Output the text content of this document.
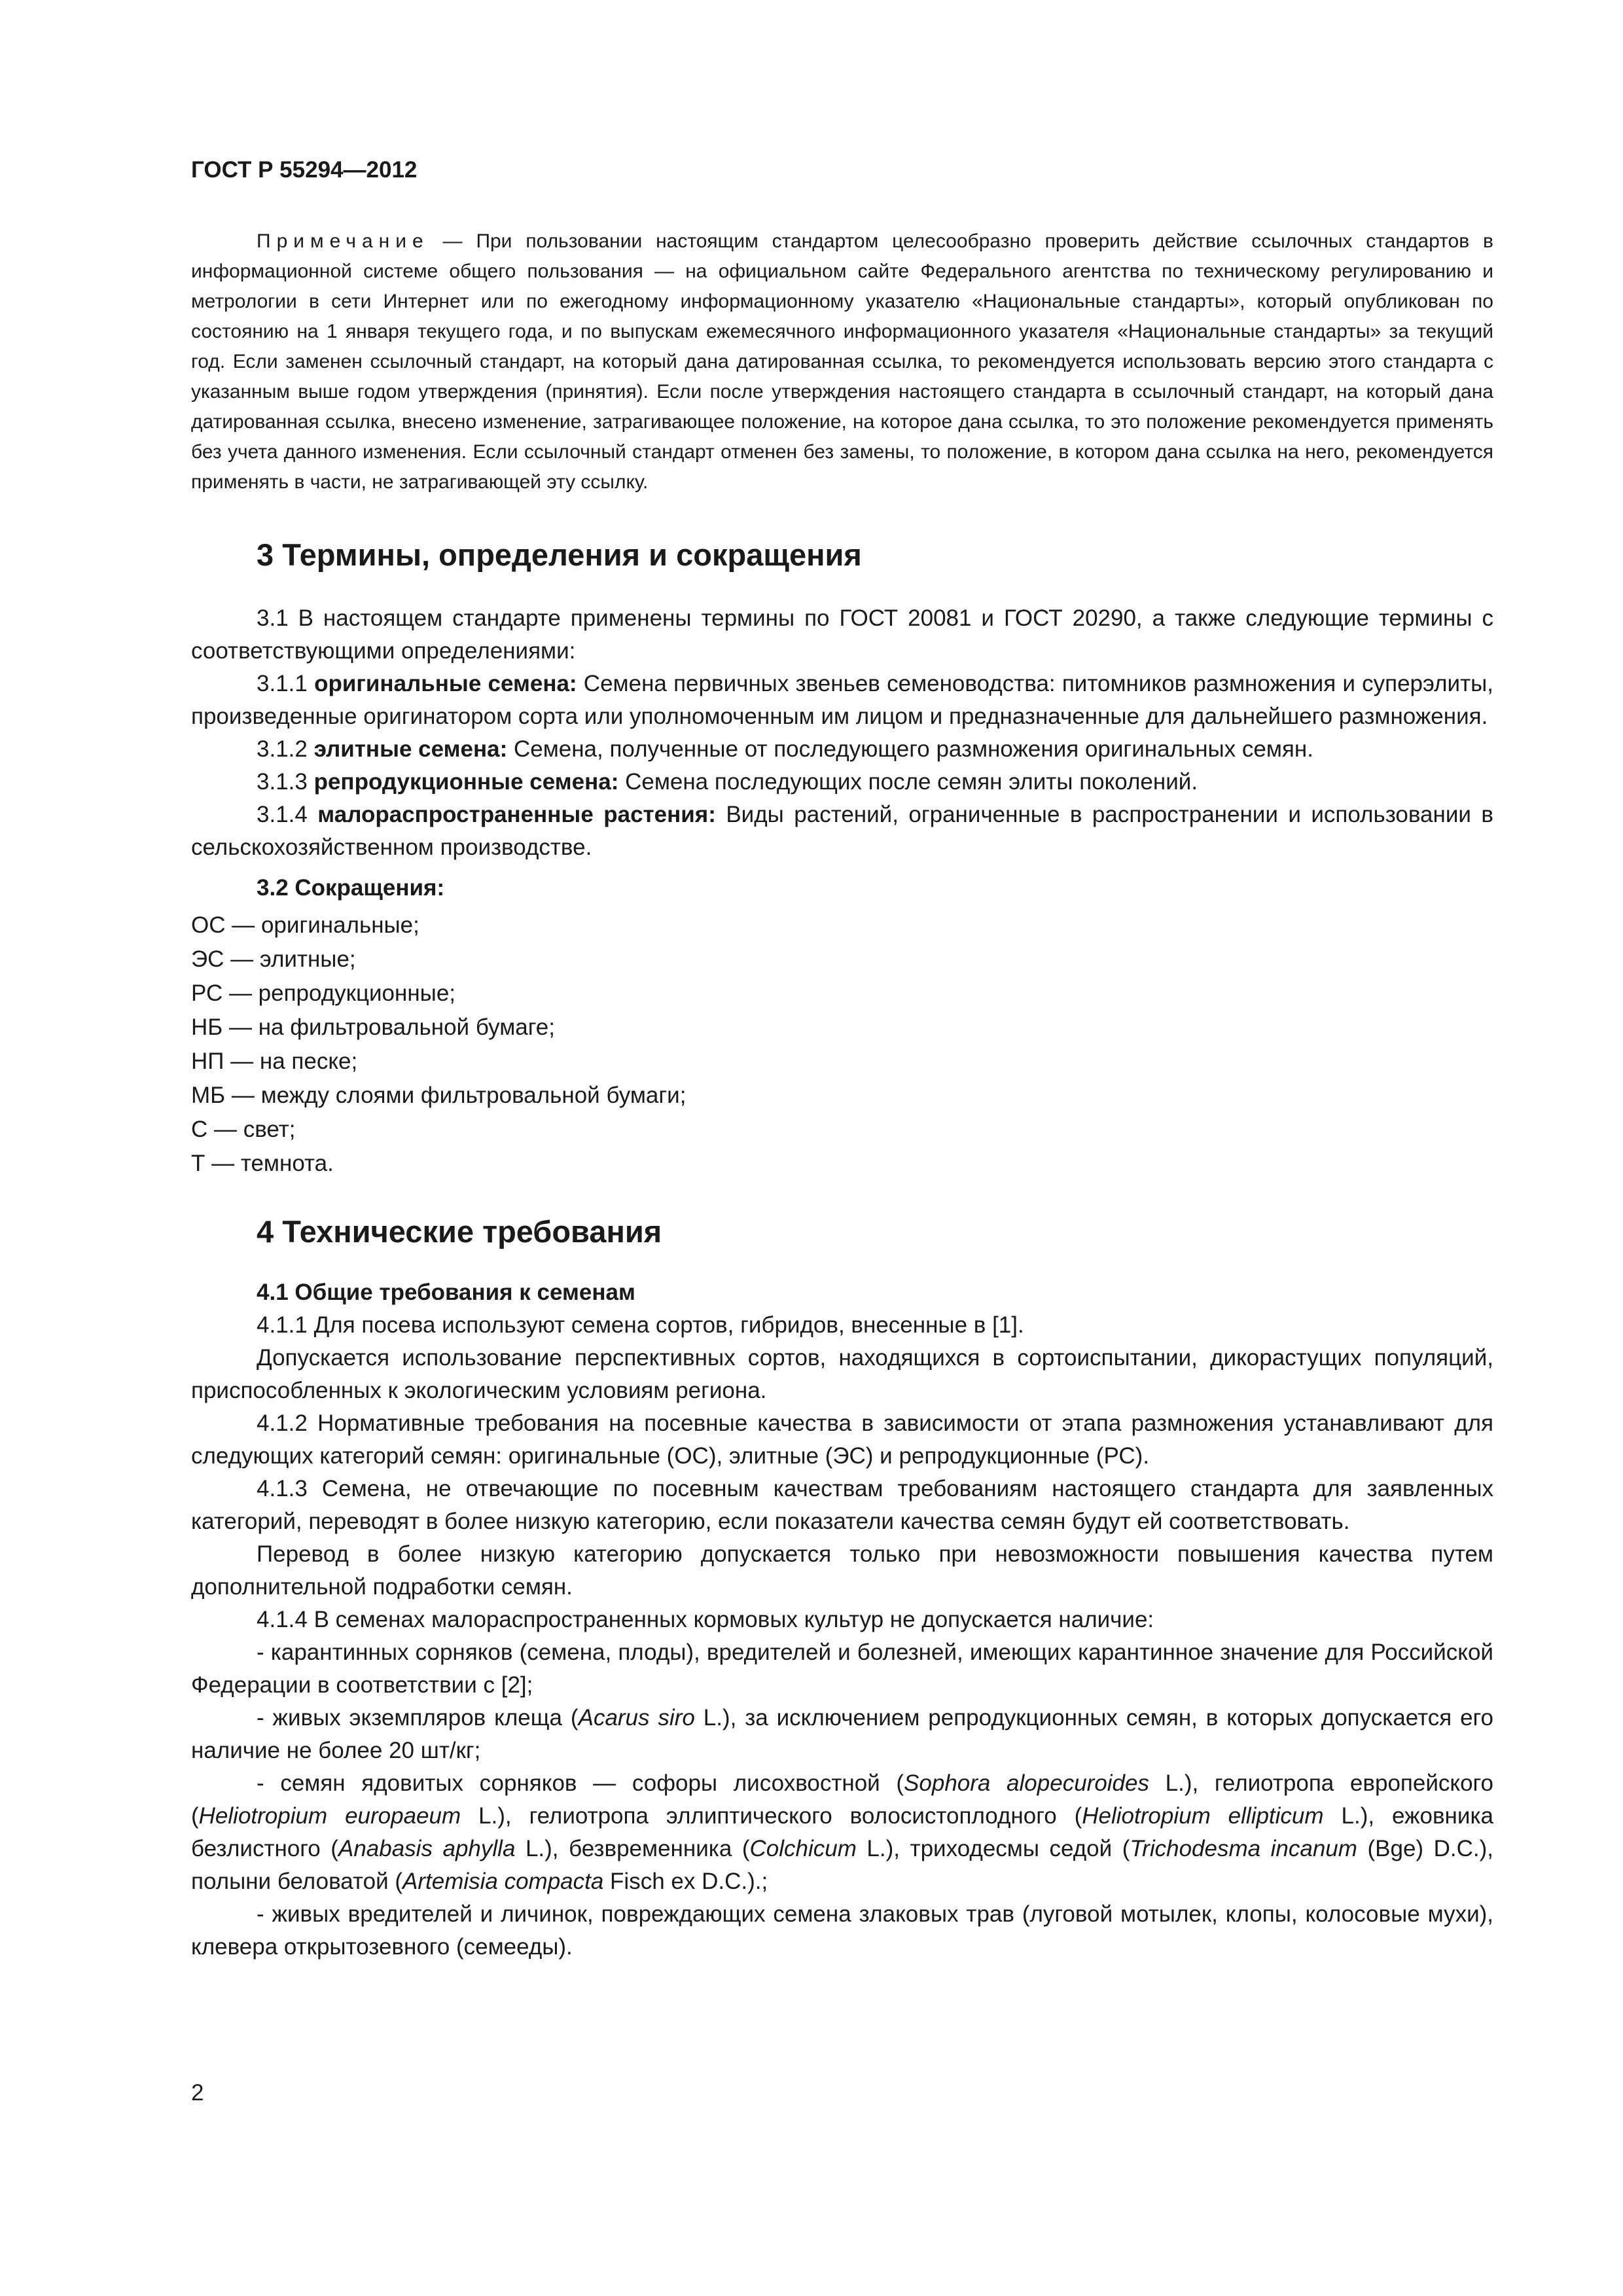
ГОСТ Р 55294—2012

Примечание — При пользовании настоящим стандартом целесообразно проверить действие ссылочных стандартов в информационной системе общего пользования — на официальном сайте Федерального агентства по техническому регулированию и метрологии в сети Интернет или по ежегодному информационному указателю «Национальные стандарты», который опубликован по состоянию на 1 января текущего года, и по выпускам ежемесячного информационного указателя «Национальные стандарты» за текущий год. Если заменен ссылочный стандарт, на который дана датированная ссылка, то рекомендуется использовать версию этого стандарта с указанным выше годом утверждения (принятия). Если после утверждения настоящего стандарта в ссылочный стандарт, на который дана датированная ссылка, внесено изменение, затрагивающее положение, на которое дана ссылка, то это положение рекомендуется применять без учета данного изменения. Если ссылочный стандарт отменен без замены, то положение, в котором дана ссылка на него, рекомендуется применять в части, не затрагивающей эту ссылку.

3 Термины, определения и сокращения

3.1 В настоящем стандарте применены термины по ГОСТ 20081 и ГОСТ 20290, а также следующие термины с соответствующими определениями:

3.1.1 оригинальные семена: Семена первичных звеньев семеноводства: питомников размножения и суперэлиты, произведенные оригинатором сорта или уполномоченным им лицом и предназначенные для дальнейшего размножения.

3.1.2 элитные семена: Семена, полученные от последующего размножения оригинальных семян.

3.1.3 репродукционные семена: Семена последующих после семян элиты поколений.

3.1.4 малораспространенные растения: Виды растений, ограниченные в распространении и использовании в сельскохозяйственном производстве.

3.2 Сокращения:
ОС — оригинальные;
ЭС — элитные;
РС — репродукционные;
НБ — на фильтровальной бумаге;
НП — на песке;
МБ — между слоями фильтровальной бумаги;
С — свет;
Т — темнота.
4 Технические требования
4.1 Общие требования к семенам

4.1.1 Для посева используют семена сортов, гибридов, внесенные в [1].

Допускается использование перспективных сортов, находящихся в сортоиспытании, дикорастущих популяций, приспособленных к экологическим условиям региона.

4.1.2 Нормативные требования на посевные качества в зависимости от этапа размножения устанавливают для следующих категорий семян: оригинальные (ОС), элитные (ЭС) и репродукционные (РС).

4.1.3 Семена, не отвечающие по посевным качествам требованиям настоящего стандарта для заявленных категорий, переводят в более низкую категорию, если показатели качества семян будут ей соответствовать.

Перевод в более низкую категорию допускается только при невозможности повышения качества путем дополнительной подработки семян.

4.1.4 В семенах малораспространенных кормовых культур не допускается наличие:

- карантинных сорняков (семена, плоды), вредителей и болезней, имеющих карантинное значение для Российской Федерации в соответствии с [2];

- живых экземпляров клеща (Acarus siro L.), за исключением репродукционных семян, в которых допускается его наличие не более 20 шт/кг;

- семян ядовитых сорняков — софоры лисохвостной (Sophora alopecuroides L.), гелиотропа европейского (Heliotropium europaeum L.), гелиотропа эллиптического волосистоплодного (Heliotropium ellipticum L.), ежовника безлистного (Anabasis aphylla L.), безвременника (Colchicum L.), триходесмы седой (Trichodesma incanum (Bge) D.C.), полыни беловатой (Artemisia compacta Fisch ex D.C.).;

- живых вредителей и личинок, повреждающих семена злаковых трав (луговой мотылек, клопы, колосовые мухи), клевера открытозевного (семееды).

2
